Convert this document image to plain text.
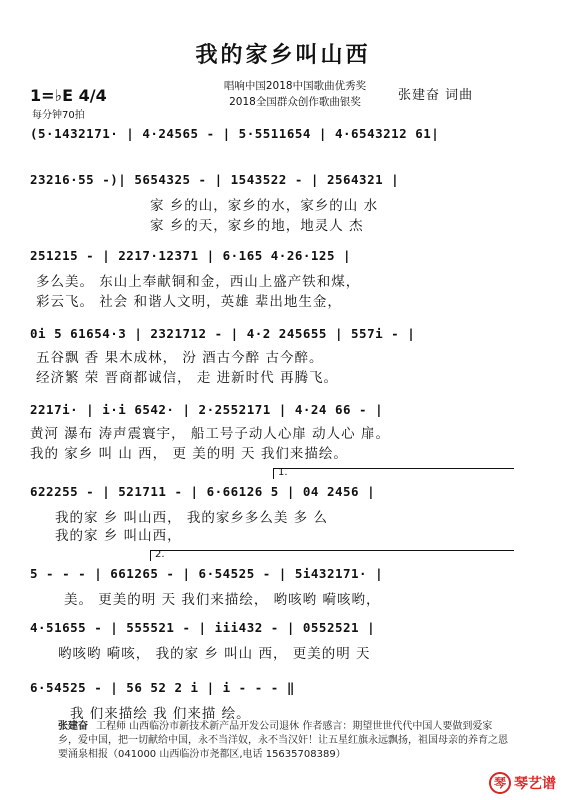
我的家乡叫山西
1=♭E 4/4
每分钟70拍
唱响中国2018中国歌曲优秀奖
2018全国群众创作歌曲银奖	张建奋 词曲
(5·1432171· | 4·24565 - | 5·5511654 | 4·6543212 61|
23216·55 -)| 5654325 - | 1543522 - | 2564321 |
家 乡的山，家乡的水，家乡的山 水
家 乡的天，家乡的地，地灵人 杰
251215 - | 2217·12371 | 6·165 4·26·125 |
多么美。 东山上奉献铜和金，西山上盛产铁和煤，
彩云飞。 社会 和谐人文明，英雄 辈出地生金，
0i 5 61654·3 | 2321712 - | 4·2 245655 | 557i - |
五谷飘 香 果木成林， 汾 酒古今醉 古今醉。
经济繁 荣 晋商都诚信， 走 进新时代 再腾飞。
2217i· | i·i 6542· | 2·2552171 | 4·24 66 - |
黄河 瀑布 涛声震寰宇， 船工号子动人心扉 动人心 扉。
我的 家乡 叫 山 西， 更 美的明 天 我们来描绘。
1.
622255 - | 521711 - | 6·66126 5 | 04 2456 |
我的家 乡 叫山西， 我的家乡多么美 多 么
我的家 乡 叫山西，
2.
5 - - - | 661265 - | 6·54525 - | 5i432171· |
美。 更美的明 天 我们来描绘， 哟咳哟 嗬咳哟，
4·51655 - | 555521 - | iii432 - | 0552521 |
哟咳哟 嗬咳， 我的家 乡 叫山 西， 更美的明 天
6·54525 - | 56 52 2 i | i - - - ‖
我 们来描绘 我 们来描 绘。
张建奋 工程师 山西临汾市新技术新产品开发公司退休 作者感言：期望世世代代中国人要做到爱家乡，爱中国，把一切献给中国，永不当洋奴，永不当汉奸！让五星红旗永远飘扬，祖国母亲的养育之恩要涌泉相报（041000 山西临汾市尧都区,电话 15635708389）
琴 琴艺谱
